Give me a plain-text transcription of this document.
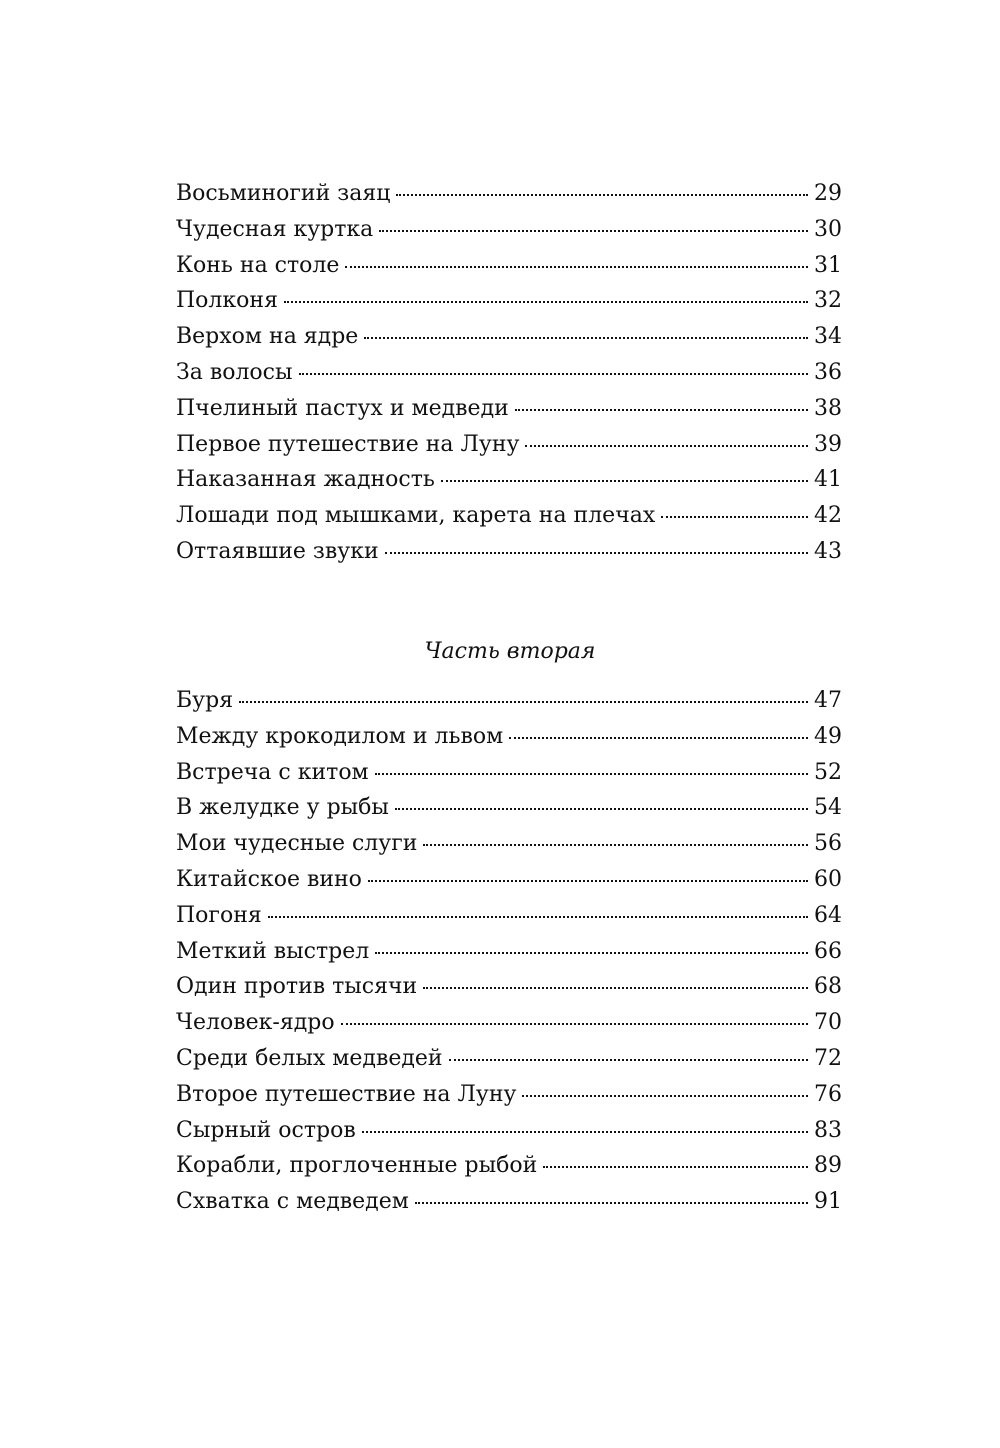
Восьминогий заяц	29
Чудесная куртка	30
Конь на столе	31
Полконя	32
Верхом на ядре	34
За волосы	36
Пчелиный пастух и медведи	38
Первое путешествие на Луну	39
Наказанная жадность	41
Лошади под мышками, карета на плечах	42
Оттаявшие звуки	43
Часть вторая
Буря	47
Между крокодилом и львом	49
Встреча с китом	52
В желудке у рыбы	54
Мои чудесные слуги	56
Китайское вино	60
Погоня	64
Меткий выстрел	66
Один против тысячи	68
Человек-ядро	70
Среди белых медведей	72
Второе путешествие на Луну	76
Сырный остров	83
Корабли, проглоченные рыбой	89
Схватка с медведем	91
